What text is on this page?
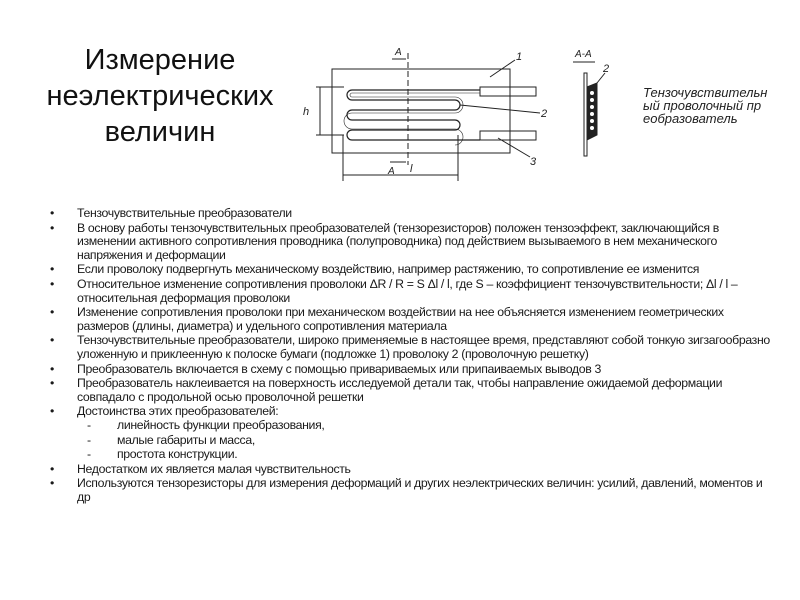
Измерение неэлектрических величин
A
A
h
l
1
2
3
A-A
2
Тензочувствительный проволочный преобразователь
• Тензочувствительные преобразователи
• В основу работы тензочувствительных преобразователей (тензорезисторов) положен тензоэффект, заключающийся в изменении активного сопротивления проводника (полупроводника) под действием вызываемого в нем механического напряжения и деформации
• Если проволоку подвергнуть механическому воздействию, например растяжению, то сопротивление ее изменится
• Относительное изменение сопротивления проволоки ΔR / R = S Δl / l, где S – коэффициент тензочувствительности; Δl / l – относительная деформация проволоки
• Изменение сопротивления проволоки при механическом воздействии на нее объясняется изменением геометрических размеров (длины, диаметра) и удельного сопротивления материала
• Тензочувствительные преобразователи, широко применяемые в настоящее время, представляют собой тонкую зигзагообразно уложенную и приклеенную к полоске бумаги (подложке 1) проволоку 2 (проволочную решетку)
• Преобразователь включается в схему с помощью привариваемых или припаиваемых выводов 3
• Преобразователь наклеивается на поверхность исследуемой детали так, чтобы направление ожидаемой деформации совпадало с продольной осью проволочной решетки
• Достоинства этих преобразователей:
- линейность функции преобразования,
- малые габариты и масса,
- простота конструкции.
• Недостатком их является малая чувствительность
• Используются тензорезисторы для измерения деформаций и других неэлектрических величин: усилий, давлений, моментов и др
